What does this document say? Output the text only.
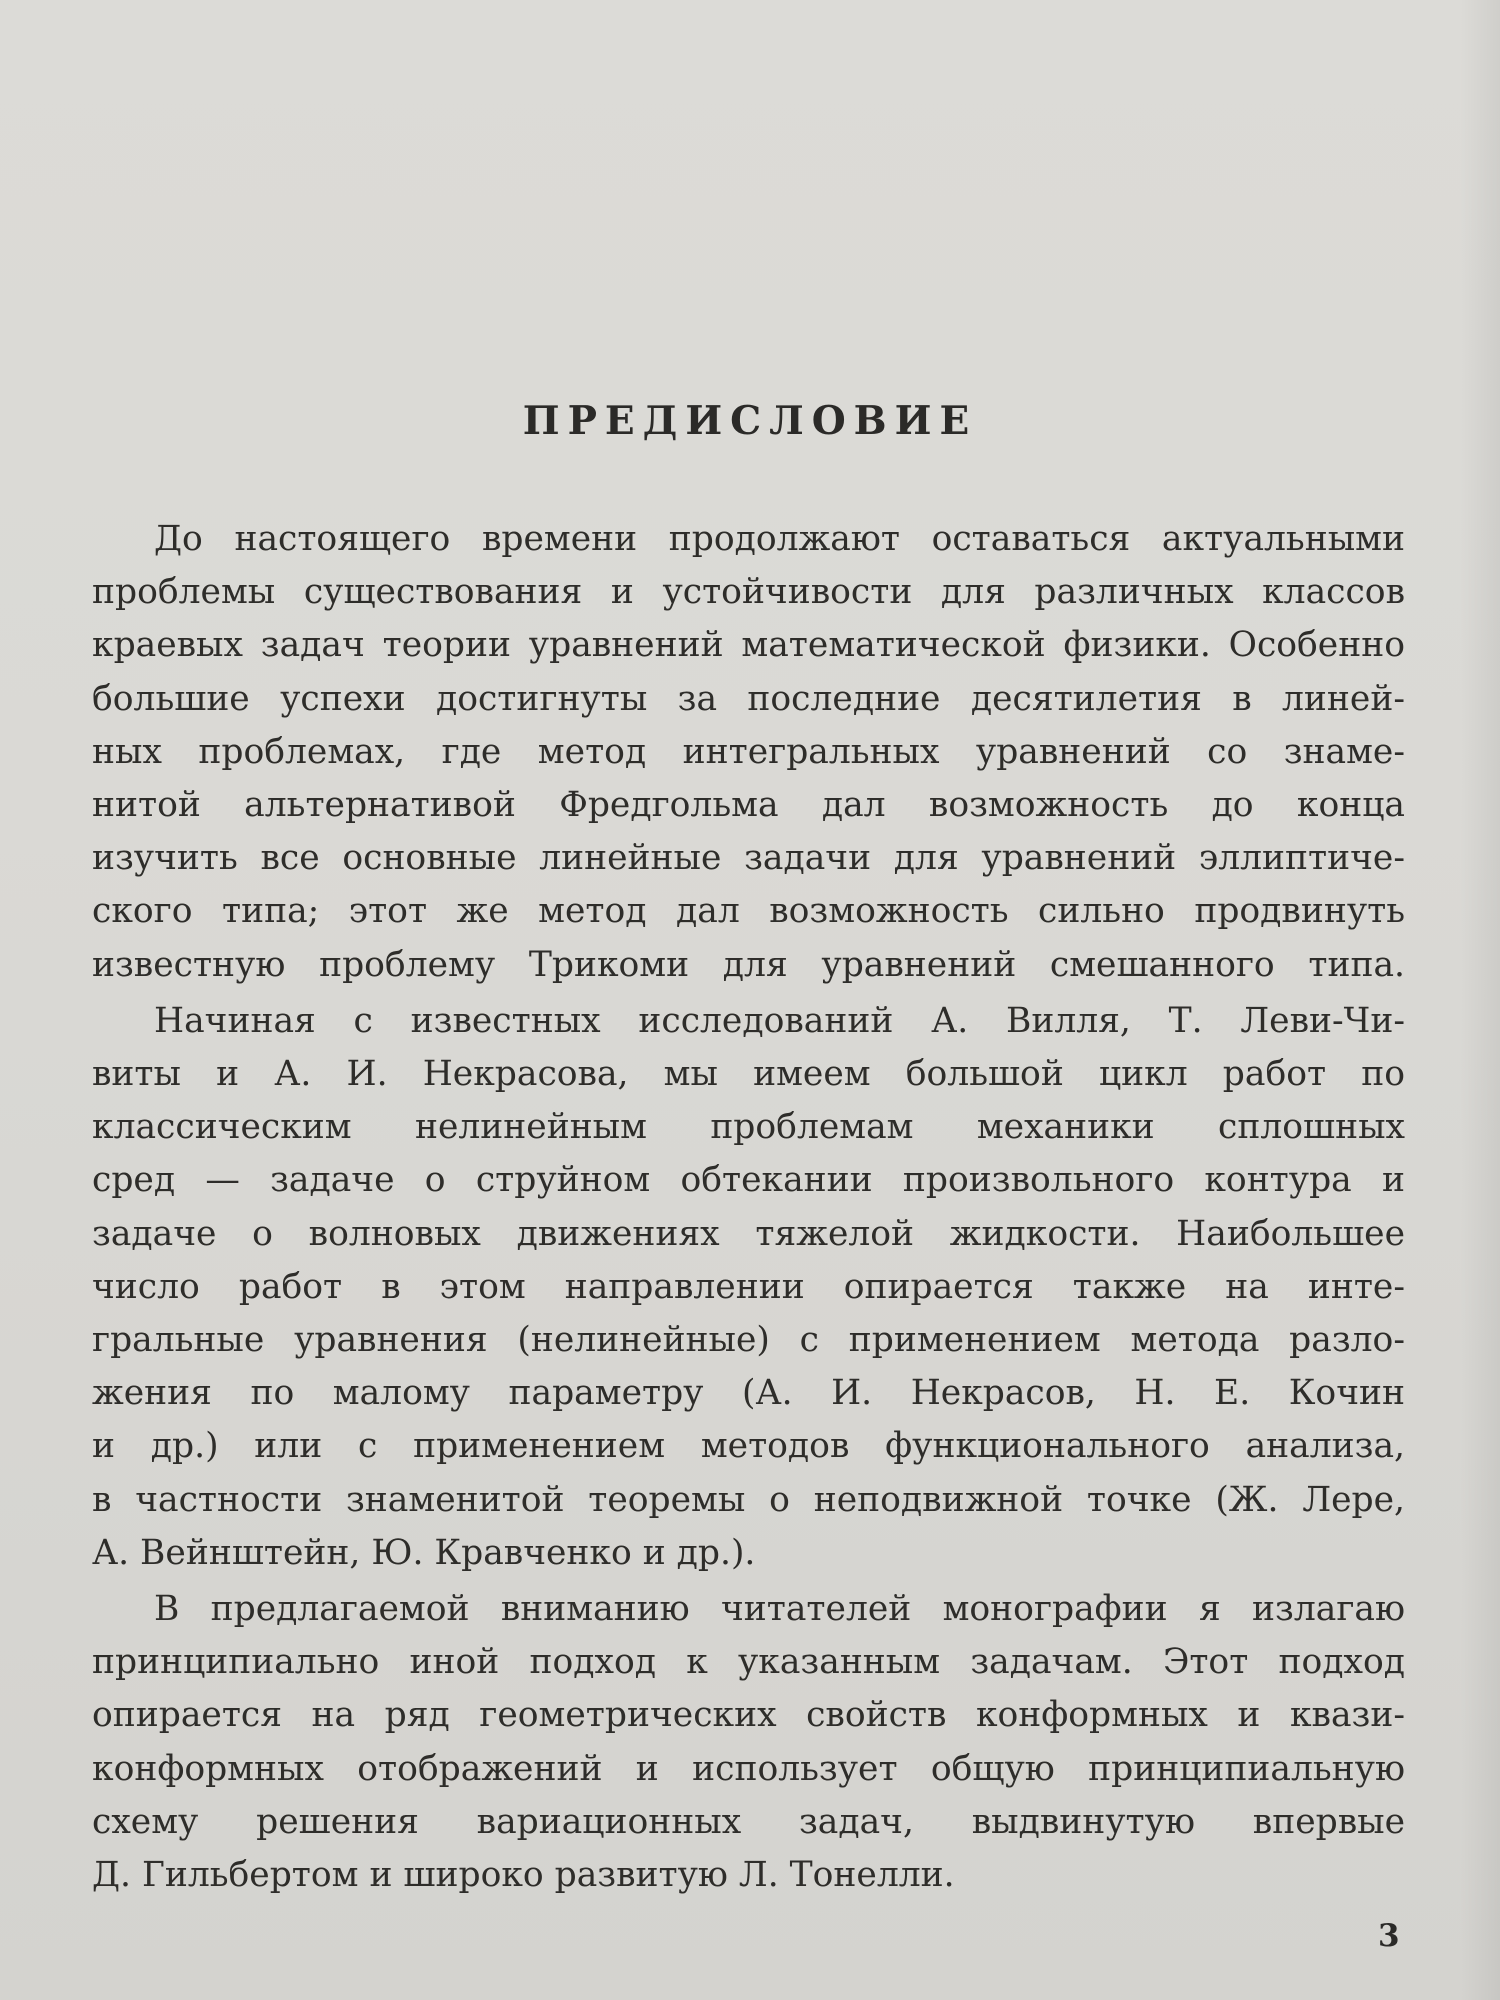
ПРЕДИСЛОВИЕ
До настоящего времени продолжают оставаться актуальными
проблемы существования и устойчивости для различных классов
краевых задач теории уравнений математической физики. Особенно
большие успехи достигнуты за последние десятилетия в линей-
ных проблемах, где метод интегральных уравнений со знаме-
нитой альтернативой Фредгольма дал возможность до конца
изучить все основные линейные задачи для уравнений эллиптиче-
ского типа; этот же метод дал возможность сильно продвинуть
известную проблему Трикоми для уравнений смешанного типа.
Начиная с известных исследований А. Вилля, Т. Леви-Чи-
виты и А. И. Некрасова, мы имеем большой цикл работ по
классическим нелинейным проблемам механики сплошных
сред — задаче о струйном обтекании произвольного контура и
задаче о волновых движениях тяжелой жидкости. Наибольшее
число работ в этом направлении опирается также на инте-
гральные уравнения (нелинейные) с применением метода разло-
жения по малому параметру (А. И. Некрасов, Н. Е. Кочин
и др.) или с применением методов функционального анализа,
в частности знаменитой теоремы о неподвижной точке (Ж. Лере,
А. Вейнштейн, Ю. Кравченко и др.).
В предлагаемой вниманию читателей монографии я излагаю
принципиально иной подход к указанным задачам. Этот подход
опирается на ряд геометрических свойств конформных и квази-
конформных отображений и использует общую принципиальную
схему решения вариационных задач, выдвинутую впервые
Д. Гильбертом и широко развитую Л. Тонелли.
3
